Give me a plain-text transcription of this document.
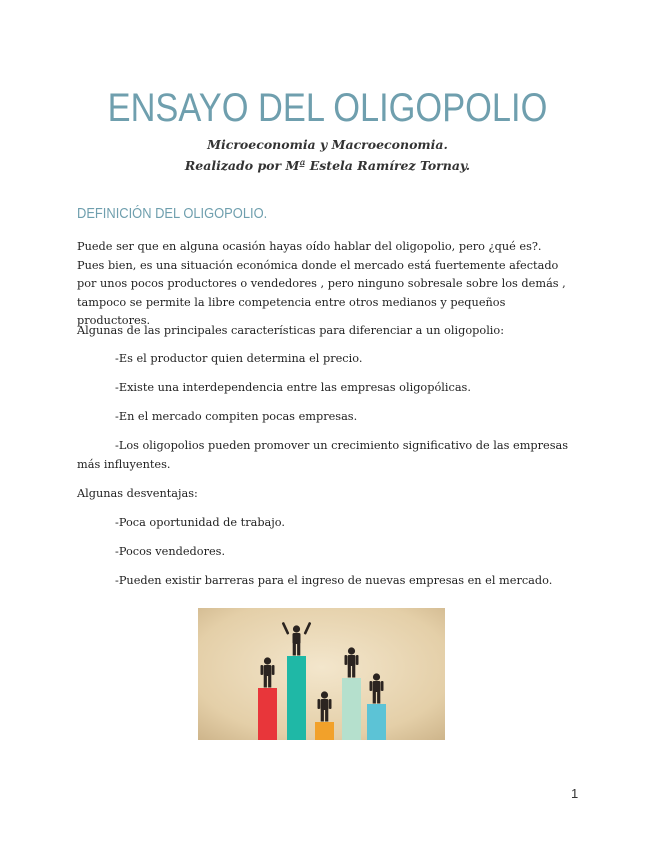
ENSAYO DEL OLIGOPOLIO

Microeconomia y Macroeconomia.

Realizado por Mª Estela Ramírez Tornay.

DEFINICIÓN DEL OLIGOPOLIO.

Puede ser que en alguna ocasión hayas oído hablar del oligopolio, pero ¿qué es?. Pues bien, es una situación económica donde el mercado está fuertemente afectado por unos pocos productores o vendedores , pero ninguno sobresale sobre los demás , tampoco se permite la libre competencia entre otros medianos y pequeños productores.

Algunas de las principales características para diferenciar a un oligopolio:

-Es el productor quien determina el precio.

-Existe una interdependencia entre las empresas oligopólicas.

-En el mercado compiten pocas empresas.

-Los oligopolios pueden promover un crecimiento significativo de las empresas más influyentes.

Algunas desventajas:

-Poca oportunidad de trabajo.

-Pocos vendedores.

-Pueden existir barreras para el ingreso de nuevas empresas en el mercado.

1
